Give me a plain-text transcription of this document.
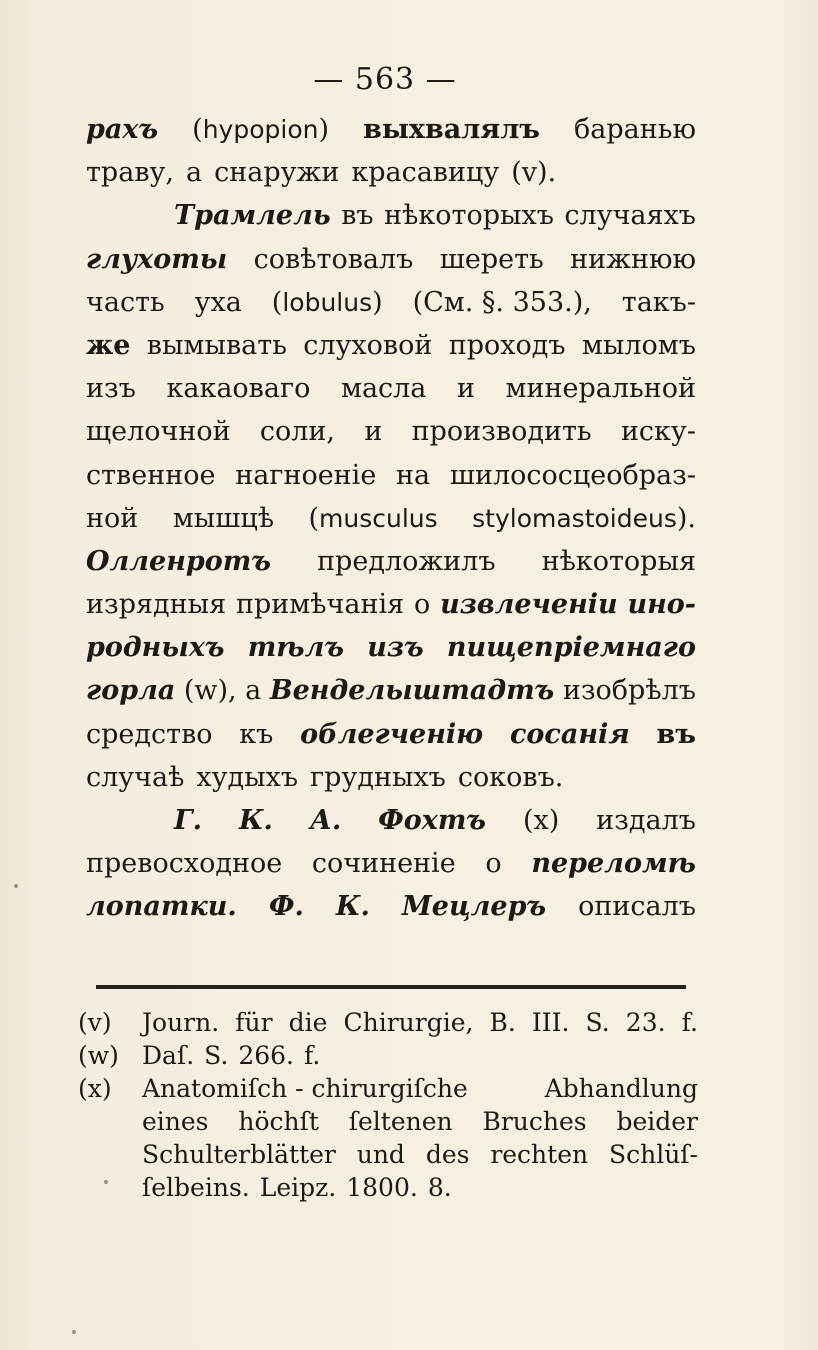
— 563 —
рахъ (hypopion) выхвалялъ баранью
траву, а снаружи красавицу (v).
Трамлель въ нѣкоторыхъ случаяхъ
глухоты совѣтовалъ шереть нижнюю
часть уха (lobulus) (См. §. 353.), такъ-
же вымывать слуховой проходъ мыломъ
изъ какаоваго масла и минеральной
щелочной соли, и производить иску-
ственное нагноеніе на шилососцеобраз-
ной мышцѣ (musculus stylomastoideus).
Олленротъ предложилъ нѣкоторыя
изрядныя примѣчанія о извлеченіи ино-
родныхъ тѣлъ изъ пищепріемнаго
горла (w), а Венделыштадтъ изобрѣлъ
средство къ облегченію сосанія въ
случаѣ худыхъ грудныхъ соковъ.
Г. К. А. Фохтъ (x) издалъ
превосходное сочиненіе о переломѣ
лопатки. Ф. К. Мецлеръ описалъ
(v)	Journ. für die Chirurgie, B. III. S. 23. f.
(w) Daſ. S. 266. f.
(x)	Anatomiſch - chirurgiſche	Abhandlung
eines höchſt ſeltenen Bruches beider
Schulterblätter und des rechten Schlüſ-
ſelbeins. Leipz. 1800. 8.
